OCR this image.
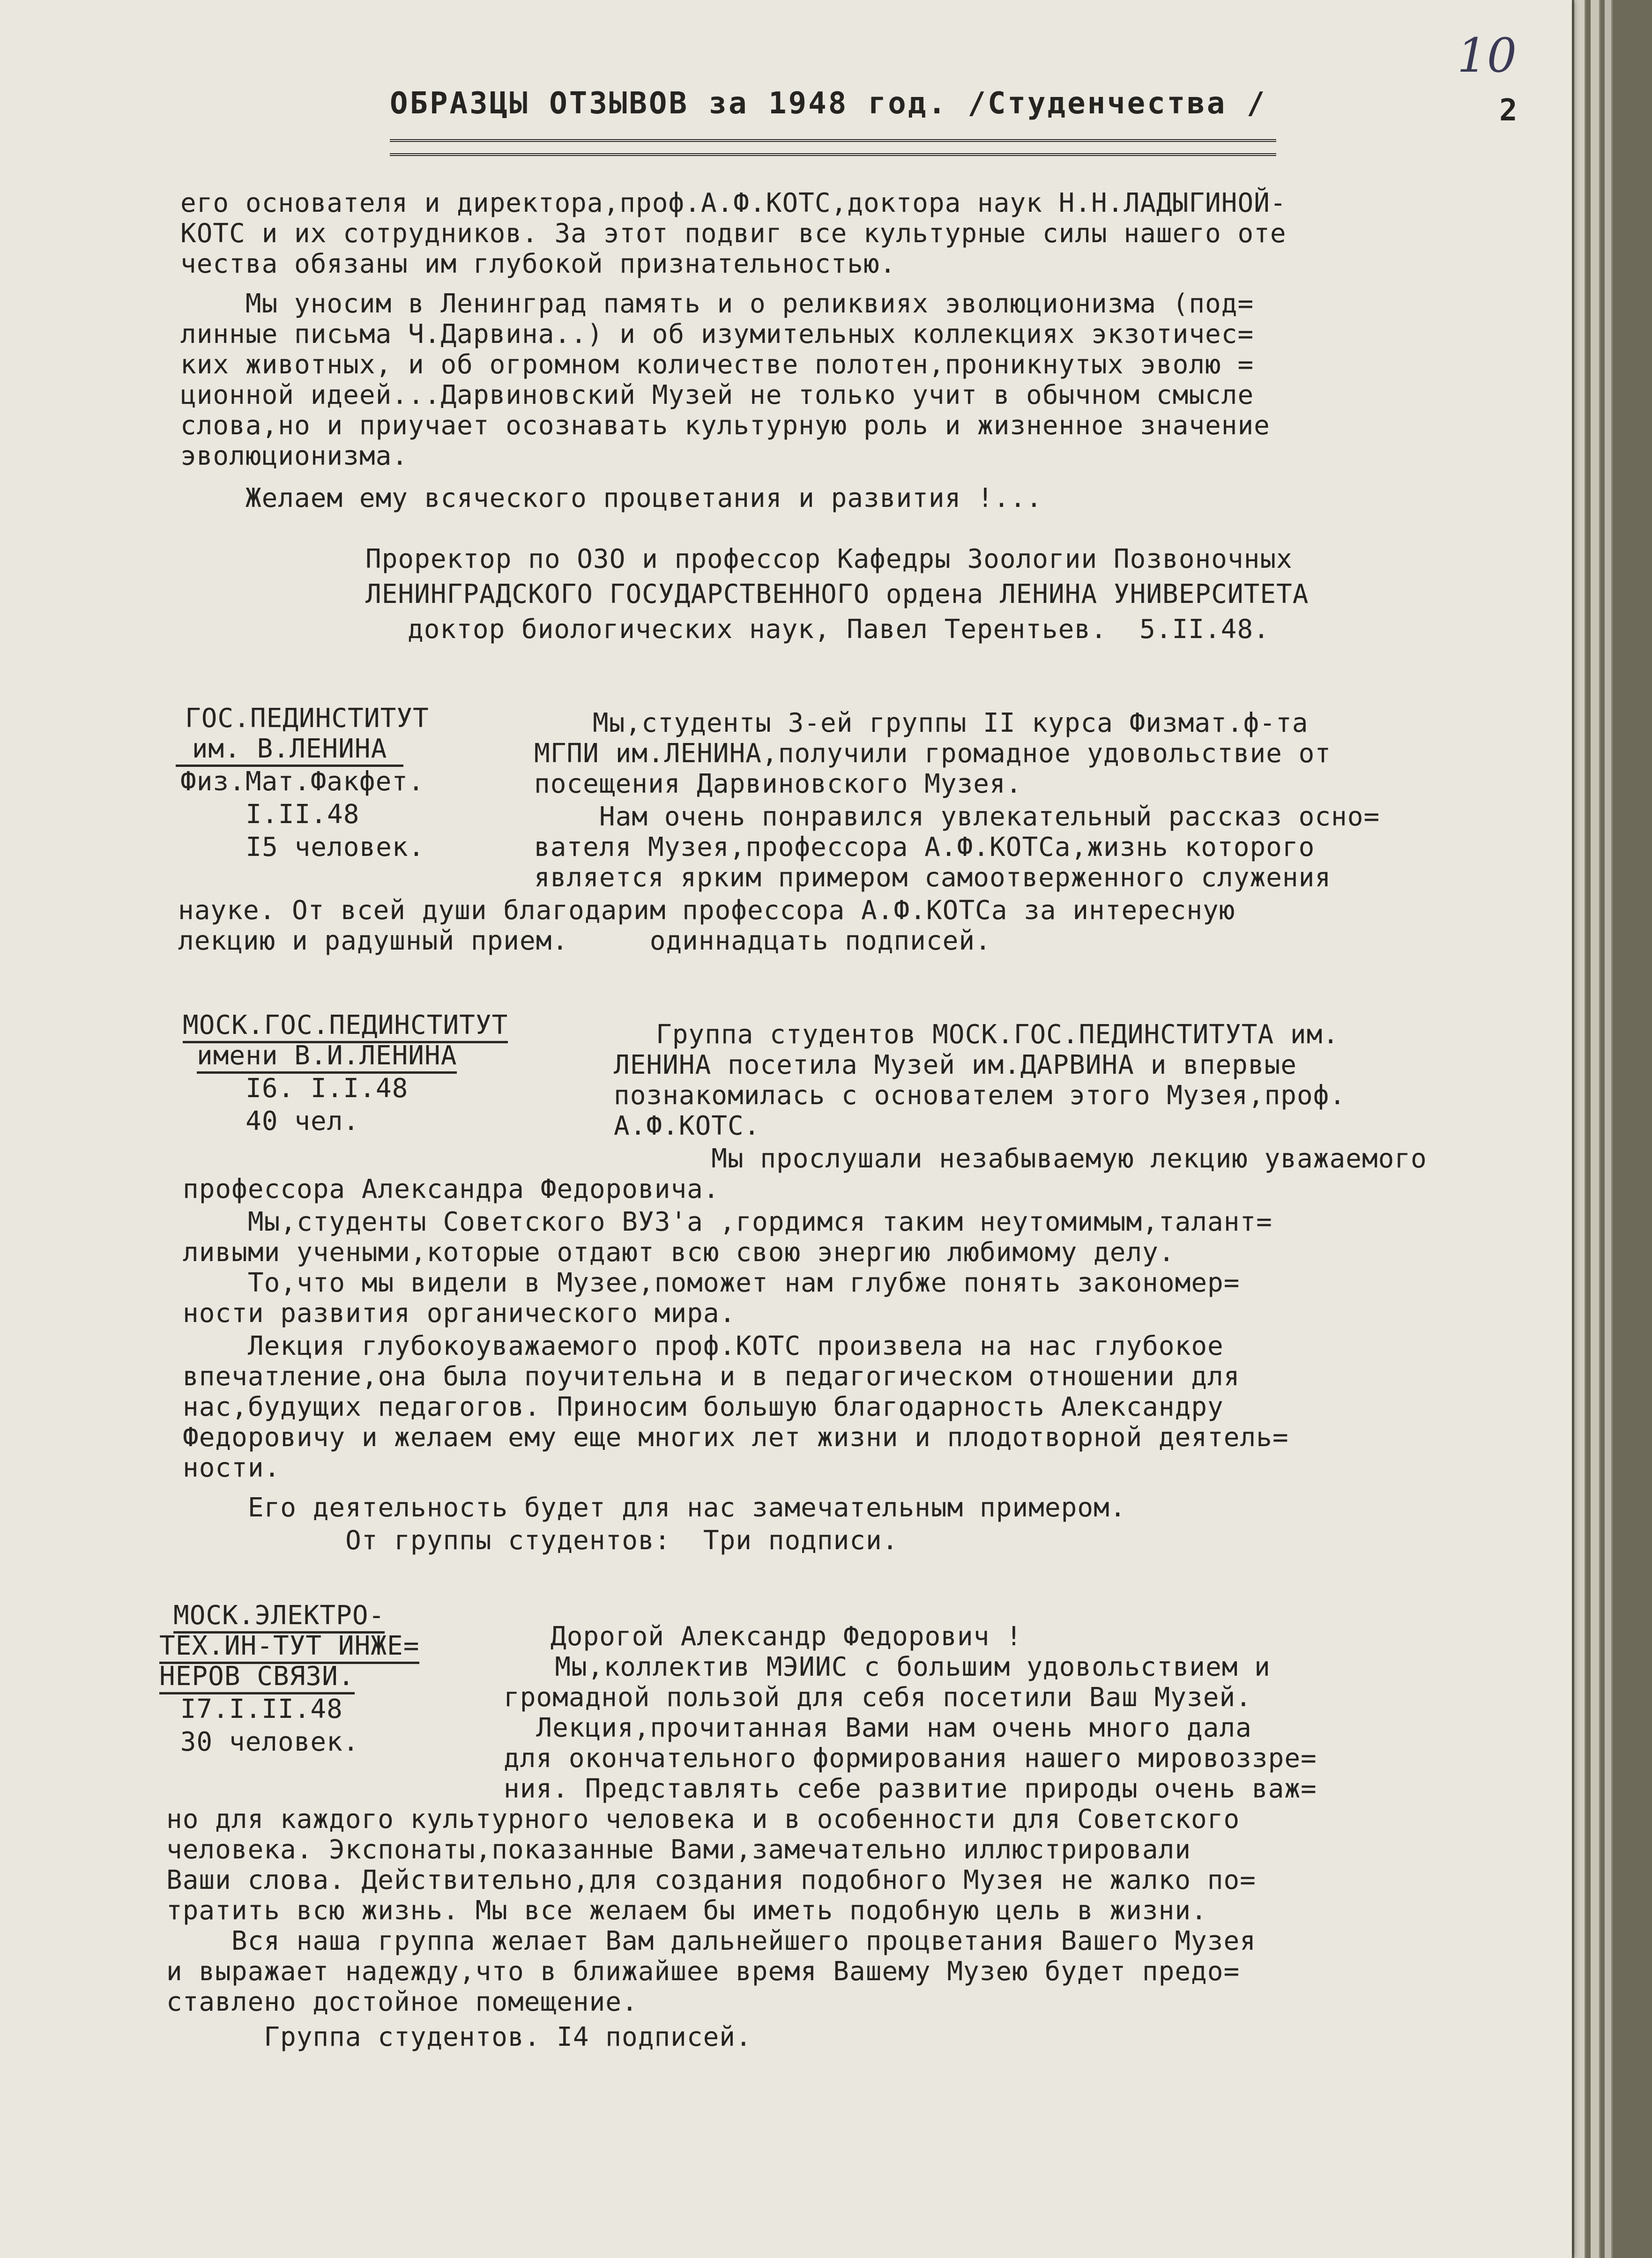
10
2
ОБРАЗЦЫ ОТЗЫВОВ за 1948 год. /Студенчества /
его основателя и директора,проф.А.Ф.КОТС,доктора наук Н.Н.ЛАДЫГИНОЙ-
КОТС и их сотрудников. За этот подвиг все культурные силы нашего оте
чества обязаны им глубокой признательностью.
Мы уносим в Ленинград память и о реликвиях эволюционизма (под=
линные письма Ч.Дарвина..) и об изумительных коллекциях экзотичес=
ких животных, и об огромном количестве полотен,проникнутых эволю =
ционной идеей...Дарвиновский Музей не только учит в обычном смысле
слова,но и приучает осознавать культурную роль и жизненное значение
эволюционизма.
Желаем ему всяческого процветания и развития !...
Проректор по ОЗО и профессор Кафедры Зоологии Позвоночных
ЛЕНИНГРАДСКОГО ГОСУДАРСТВЕННОГО ордена ЛЕНИНА УНИВЕРСИТЕТА
доктор биологических наук, Павел Терентьев.  5.II.48.
ГОС.ПЕДИНСТИТУТ
им. В.ЛЕНИНА
Физ.Мат.Факфет.
I.II.48
I5 человек.
Мы,студенты 3-ей группы II курса Физмат.ф-та
МГПИ им.ЛЕНИНА,получили громадное удовольствие от
посещения Дарвиновского Музея.
Нам очень понравился увлекательный рассказ осно=
вателя Музея,профессора А.Ф.КОТСа,жизнь которого
является ярким примером самоотверженного служения
науке. От всей души благодарим профессора А.Ф.КОТСа за интересную
лекцию и радушный прием.     одиннадцать подписей.
МОСК.ГОС.ПЕДИНСТИТУТ
имени В.И.ЛЕНИНА
I6. I.I.48
40 чел.
Группа студентов МОСК.ГОС.ПЕДИНСТИТУТА им.
ЛЕНИНА посетила Музей им.ДАРВИНА и впервые
познакомилась с основателем этого Музея,проф.
А.Ф.КОТС.
Мы прослушали незабываемую лекцию уважаемого
профессора Александра Федоровича.
Мы,студенты Советского ВУЗ'а ,гордимся таким неутомимым,талант=
ливыми учеными,которые отдают всю свою энергию любимому делу.
То,что мы видели в Музее,поможет нам глубже понять закономер=
ности развития органического мира.
Лекция глубокоуважаемого проф.КОТС произвела на нас глубокое
впечатление,она была поучительна и в педагогическом отношении для
нас,будущих педагогов. Приносим большую благодарность Александру
Федоровичу и желаем ему еще многих лет жизни и плодотворной деятель=
ности.
Его деятельность будет для нас замечательным примером.
От группы студентов:  Три подписи.
МОСК.ЭЛЕКТРО-
ТЕХ.ИН-ТУТ ИНЖЕ=
НЕРОВ СВЯЗИ.
I7.I.II.48
30 человек.
Дорогой Александр Федорович !
Мы,коллектив МЭИИС с большим удовольствием и
громадной пользой для себя посетили Ваш Музей.
Лекция,прочитанная Вами нам очень много дала
для окончательного формирования нашего мировоззре=
ния. Представлять себе развитие природы очень важ=
но для каждого культурного человека и в особенности для Советского
человека. Экспонаты,показанные Вами,замечательно иллюстрировали
Ваши слова. Действительно,для создания подобного Музея не жалко по=
тратить всю жизнь. Мы все желаем бы иметь подобную цель в жизни.
Вся наша группа желает Вам дальнейшего процветания Вашего Музея
и выражает надежду,что в ближайшее время Вашему Музею будет предо=
ставлено достойное помещение.
Группа студентов. I4 подписей.
